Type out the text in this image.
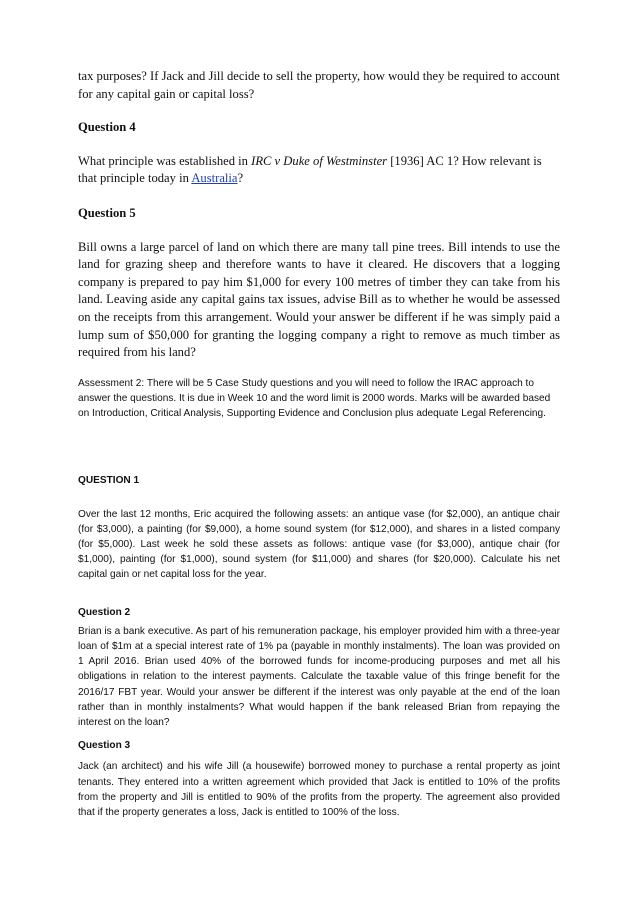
tax purposes? If Jack and Jill decide to sell the property, how would they be required to account for any capital gain or capital loss?

Question 4

What principle was established in IRC v Duke of Westminster [1936] AC 1? How relevant is that principle today in Australia?

Question 5

Bill owns a large parcel of land on which there are many tall pine trees. Bill intends to use the land for grazing sheep and therefore wants to have it cleared. He discovers that a logging company is prepared to pay him $1,000 for every 100 metres of timber they can take from his land. Leaving aside any capital gains tax issues, advise Bill as to whether he would be assessed on the receipts from this arrangement. Would your answer be different if he was simply paid a lump sum of $50,000 for granting the logging company a right to remove as much timber as required from his land?

Assessment 2: There will be 5 Case Study questions and you will need to follow the IRAC approach to answer the questions. It is due in Week 10 and the word limit is 2000 words. Marks will be awarded based on Introduction, Critical Analysis, Supporting Evidence and Conclusion plus adequate Legal Referencing.

QUESTION 1

Over the last 12 months, Eric acquired the following assets: an antique vase (for $2,000), an antique chair (for $3,000), a painting (for $9,000), a home sound system (for $12,000), and shares in a listed company (for $5,000). Last week he sold these assets as follows: antique vase (for $3,000), antique chair (for $1,000), painting (for $1,000), sound system (for $11,000) and shares (for $20,000). Calculate his net capital gain or net capital loss for the year.

Question 2

Brian is a bank executive. As part of his remuneration package, his employer provided him with a three-year loan of $1m at a special interest rate of 1% pa (payable in monthly instalments). The loan was provided on 1 April 2016. Brian used 40% of the borrowed funds for income-producing purposes and met all his obligations in relation to the interest payments. Calculate the taxable value of this fringe benefit for the 2016/17 FBT year. Would your answer be different if the interest was only payable at the end of the loan rather than in monthly instalments? What would happen if the bank released Brian from repaying the interest on the loan?

Question 3

Jack (an architect) and his wife Jill (a housewife) borrowed money to purchase a rental property as joint tenants. They entered into a written agreement which provided that Jack is entitled to 10% of the profits from the property and Jill is entitled to 90% of the profits from the property. The agreement also provided that if the property generates a loss, Jack is entitled to 100% of the loss.
